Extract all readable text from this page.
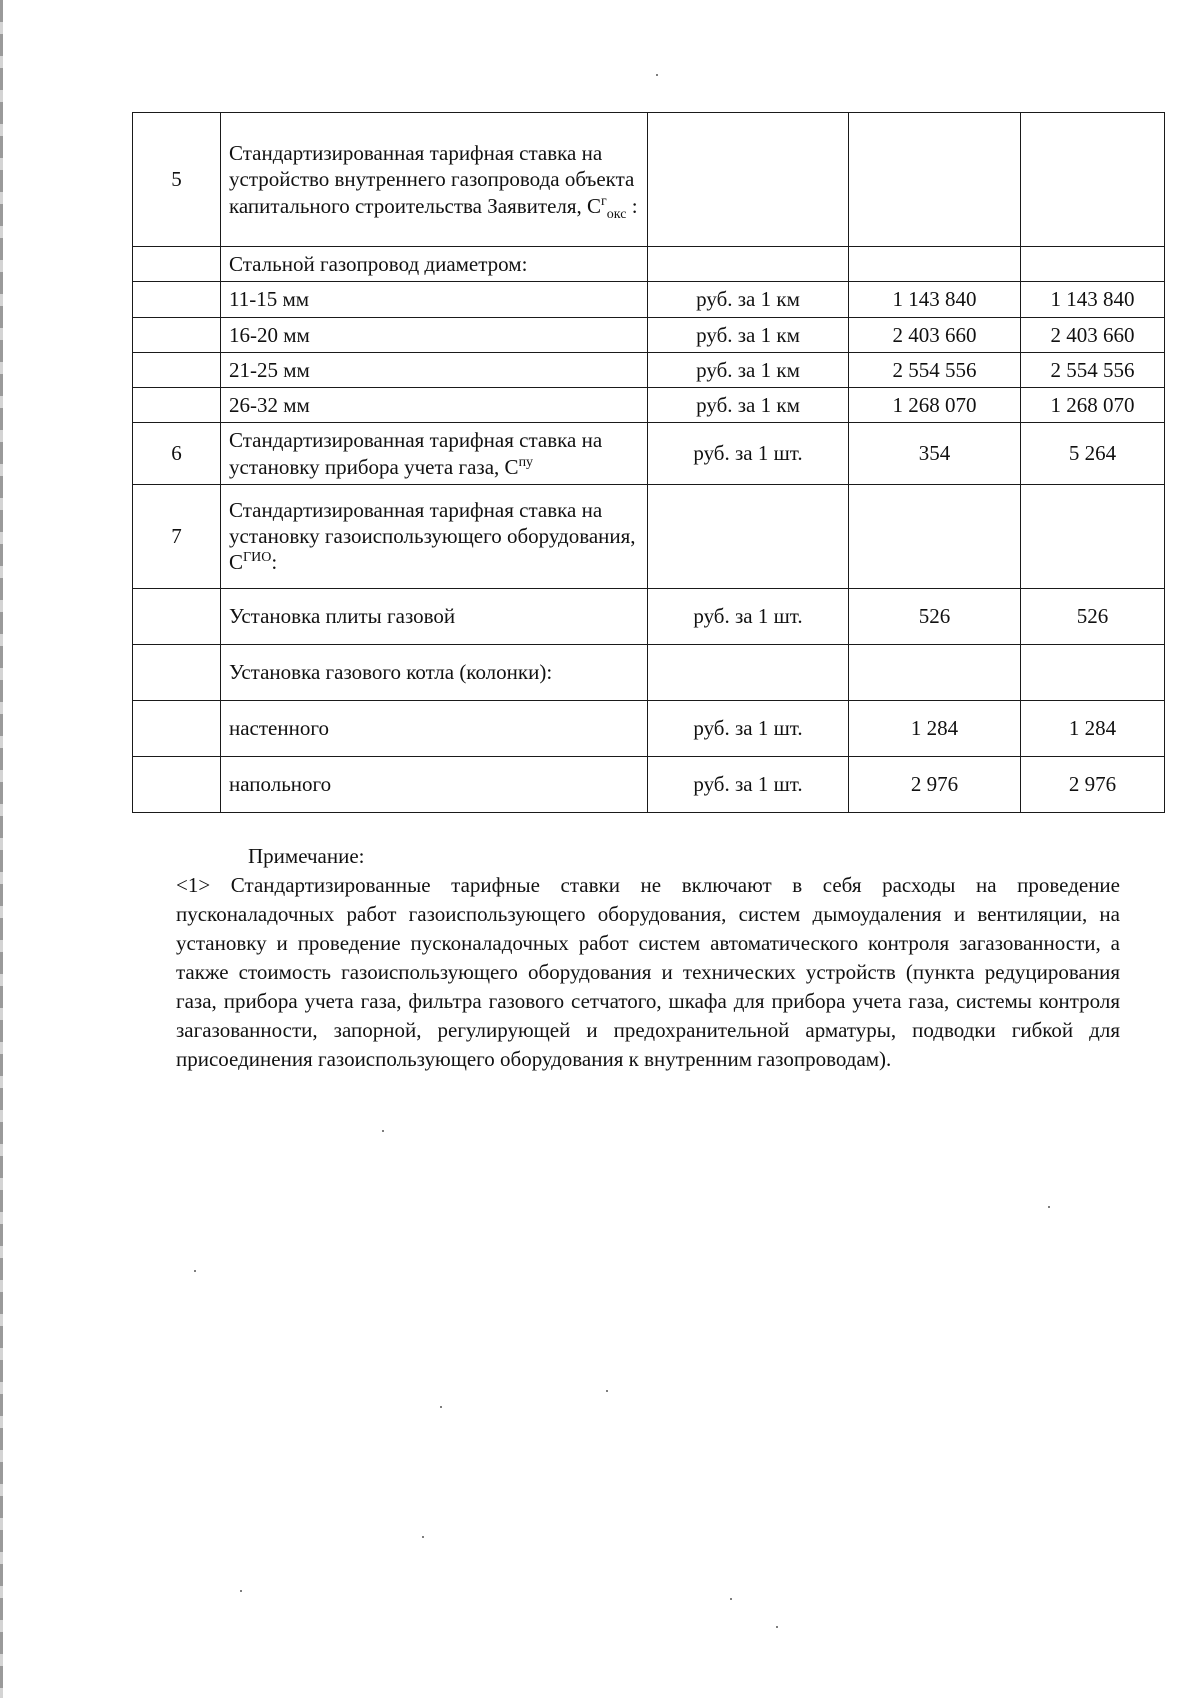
5	Стандартизированная тарифная ставка на устройство внутреннего газопровода объекта капитального строительства Заявителя, $С^г_{окс}$ :			
	Стальной газопровод диаметром:			
	11-15 мм	руб. за 1 км	1 143 840	1 143 840
	16-20 мм	руб. за 1 км	2 403 660	2 403 660
	21-25 мм	руб. за 1 км	2 554 556	2 554 556
	26-32 мм	руб. за 1 км	1 268 070	1 268 070
6	Стандартизированная тарифная ставка на установку прибора учета газа, $С^{пу}$	руб. за 1 шт.	354	5 264
7	Стандартизированная тарифная ставка на установку газоиспользующего оборудования, $С^{ГИО}$:			
	Установка плиты газовой	руб. за 1 шт.	526	526
	Установка газового котла (колонки):			
	настенного	руб. за 1 шт.	1 284	1 284
	напольного	руб. за 1 шт.	2 976	2 976
Примечание:
<1> Стандартизированные тарифные ставки не включают в себя расходы на проведение пусконаладочных работ газоиспользующего оборудования, систем дымоудаления и вентиляции, на установку и проведение пусконаладочных работ систем автоматического контроля загазованности, а также стоимость газоиспользующего оборудования и технических устройств (пункта редуцирования газа, прибора учета газа, фильтра газового сетчатого, шкафа для прибора учета газа, системы контроля загазованности, запорной, регулирующей и предохранительной арматуры, подводки гибкой для присоединения газоиспользующего оборудования к внутренним газопроводам).
